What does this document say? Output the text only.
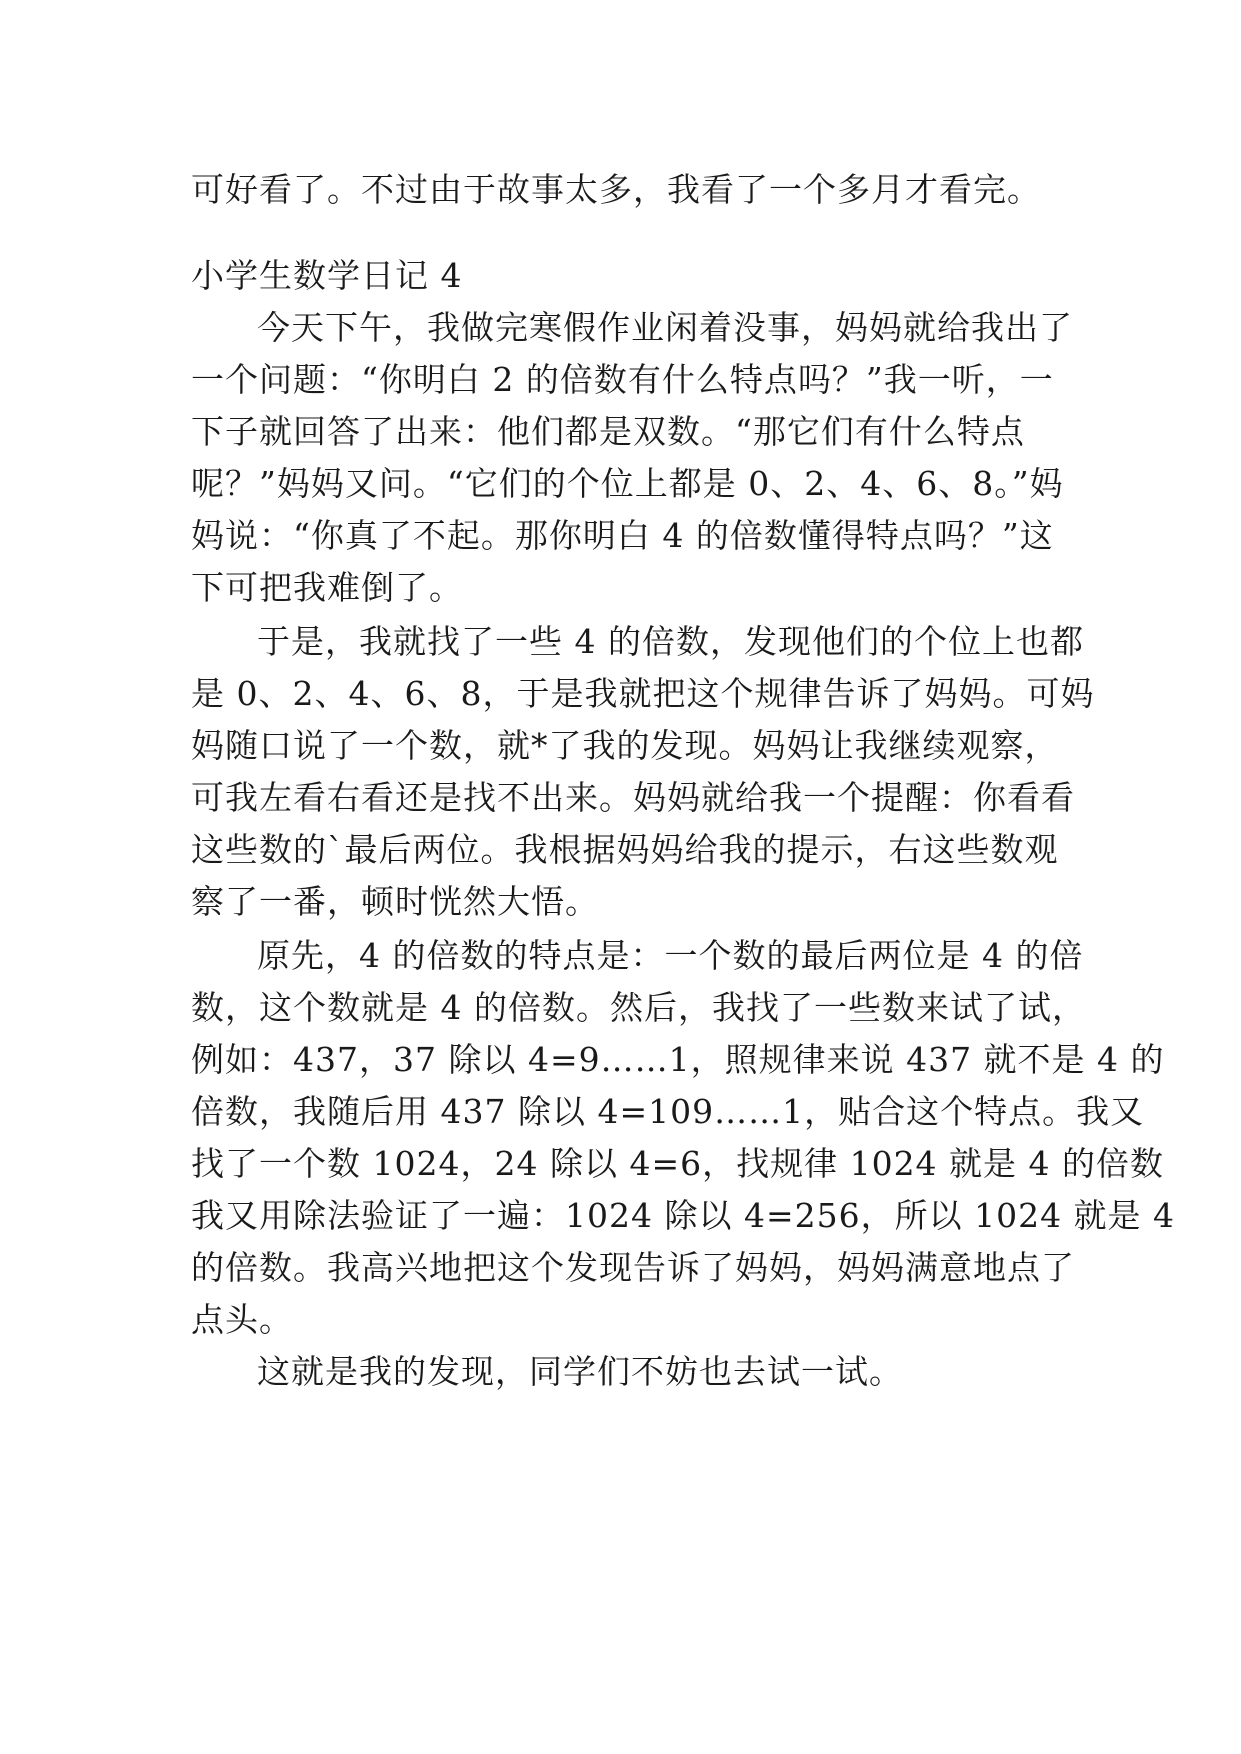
可好看了。不过由于故事太多，我看了一个多月才看完。
小学生数学日记 4
今天下午，我做完寒假作业闲着没事，妈妈就给我出了
一个问题：“你明白 2 的倍数有什么特点吗？”我一听，一
下子就回答了出来：他们都是双数。“那它们有什么特点
呢？”妈妈又问。“它们的个位上都是 0、2、4、6、8。”妈
妈说：“你真了不起。那你明白 4 的倍数懂得特点吗？”这
下可把我难倒了。
于是，我就找了一些 4 的倍数，发现他们的个位上也都
是 0、2、4、6、8，于是我就把这个规律告诉了妈妈。可妈
妈随口说了一个数，就*了我的发现。妈妈让我继续观察，
可我左看右看还是找不出来。妈妈就给我一个提醒：你看看
这些数的`最后两位。我根据妈妈给我的提示，右这些数观
察了一番，顿时恍然大悟。
原先，4 的倍数的特点是：一个数的最后两位是 4 的倍
数，这个数就是 4 的倍数。然后，我找了一些数来试了试，
例如：437，37 除以 4=9……1，照规律来说 437 就不是 4 的
倍数，我随后用 437 除以 4=109……1，贴合这个特点。我又
找了一个数 1024，24 除以 4=6，找规律 1024 就是 4 的倍数
我又用除法验证了一遍：1024 除以 4=256，所以 1024 就是 4
的倍数。我高兴地把这个发现告诉了妈妈，妈妈满意地点了
点头。
这就是我的发现，同学们不妨也去试一试。
